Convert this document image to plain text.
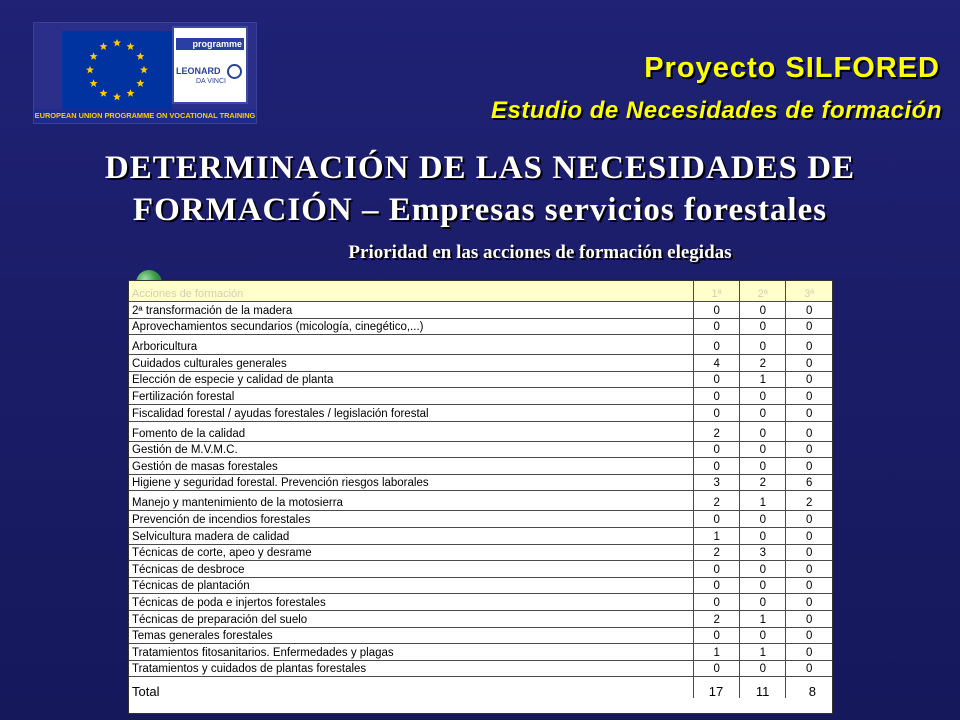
EUROPEAN UNION PROGRAMME ON VOCATIONAL TRAINING
programme
LEONARD
DA VINCI	Proyecto SILFORED
Estudio de Necesidades de formación
DETERMINACIÓN DE LAS NECESIDADES DE
FORMACIÓN – Empresas servicios forestales
Prioridad en las acciones de formación elegidas
Acciones de formación	1ª	2ª	3ª
2ª transformación de la madera	0	0	0
Aprovechamientos secundarios (micología, cinegético,...)	0	0	0
Arboricultura	0	0	0
Cuidados culturales generales	4	2	0
Elección de especie y calidad de planta	0	1	0
Fertilización forestal	0	0	0
Fiscalidad forestal / ayudas forestales / legislación forestal	0	0	0
Fomento de la calidad	2	0	0
Gestión de M.V.M.C.	0	0	0
Gestión de masas forestales	0	0	0
Higiene y seguridad forestal. Prevención riesgos laborales	3	2	6
Manejo y mantenimiento de la motosierra	2	1	2
Prevención de incendios forestales	0	0	0
Selvicultura madera de calidad	1	0	0
Técnicas de corte, apeo y desrame	2	3	0
Técnicas de desbroce	0	0	0
Técnicas de plantación	0	0	0
Técnicas de poda e injertos forestales	0	0	0
Técnicas de preparación del suelo	2	1	0
Temas generales forestales	0	0	0
Tratamientos fitosanitarios. Enfermedades y plagas	1	1	0
Tratamientos y cuidados de plantas forestales	0	0	0
Total	17	11	8
